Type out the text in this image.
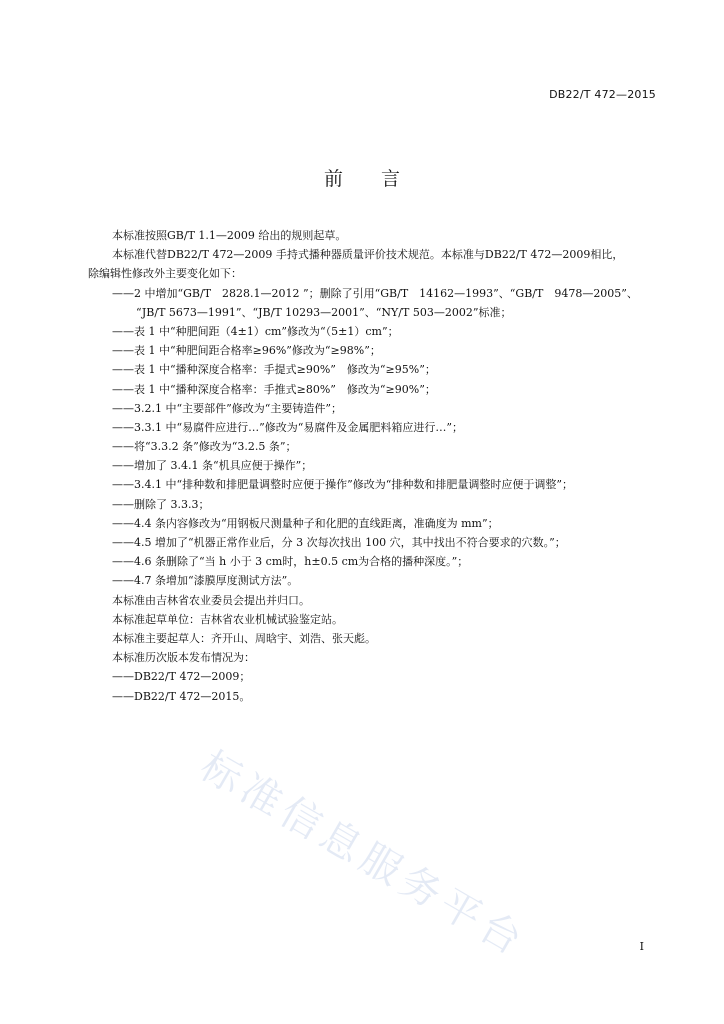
DB22/T 472—2015
前言
本标准按照GB/T 1.1—2009 给出的规则起草。
本标准代替DB22/T 472—2009 手持式播种器质量评价技术规范。本标准与DB22/T 472—2009相比，
除编辑性修改外主要变化如下：
——2 中增加“GB/T　2828.1—2012 ”；删除了引用“GB/T　14162—1993”、“GB/T　9478—2005”、
“JB/T 5673—1991”、“JB/T 10293—2001”、“NY/T 503—2002”标准；
——表 1 中“种肥间距（4±1）cm”修改为“（5±1）cm”；
——表 1 中“种肥间距合格率≥96%”修改为“≥98%”；
——表 1 中“播种深度合格率：手提式≥90%”　修改为“≥95%”；
——表 1 中“播种深度合格率：手推式≥80%”　修改为“≥90%”；
——3.2.1 中“主要部件”修改为“主要铸造件”；
——3.3.1 中“易腐件应进行…”修改为“易腐件及金属肥料箱应进行…”；
——将“3.3.2 条”修改为“3.2.5 条”；
——增加了 3.4.1 条“机具应便于操作”；
——3.4.1 中“排种数和排肥量调整时应便于操作”修改为“排种数和排肥量调整时应便于调整”；
——删除了 3.3.3；
——4.4 条内容修改为“用钢板尺测量种子和化肥的直线距离，准确度为 mm”；
——4.5 增加了“机器正常作业后，分 3 次每次找出 100 穴，其中找出不符合要求的穴数。”；
——4.6 条删除了“当 h 小于 3 cm时，h±0.5 cm为合格的播种深度。”；
——4.7 条增加“漆膜厚度测试方法”。
本标准由吉林省农业委员会提出并归口。
本标准起草单位：吉林省农业机械试验鉴定站。
本标准主要起草人：齐开山、周晗宇、刘浩、张天彪。
本标准历次版本发布情况为：
——DB22/T 472—2009；
——DB22/T 472—2015。
标准信息服务平台	I
